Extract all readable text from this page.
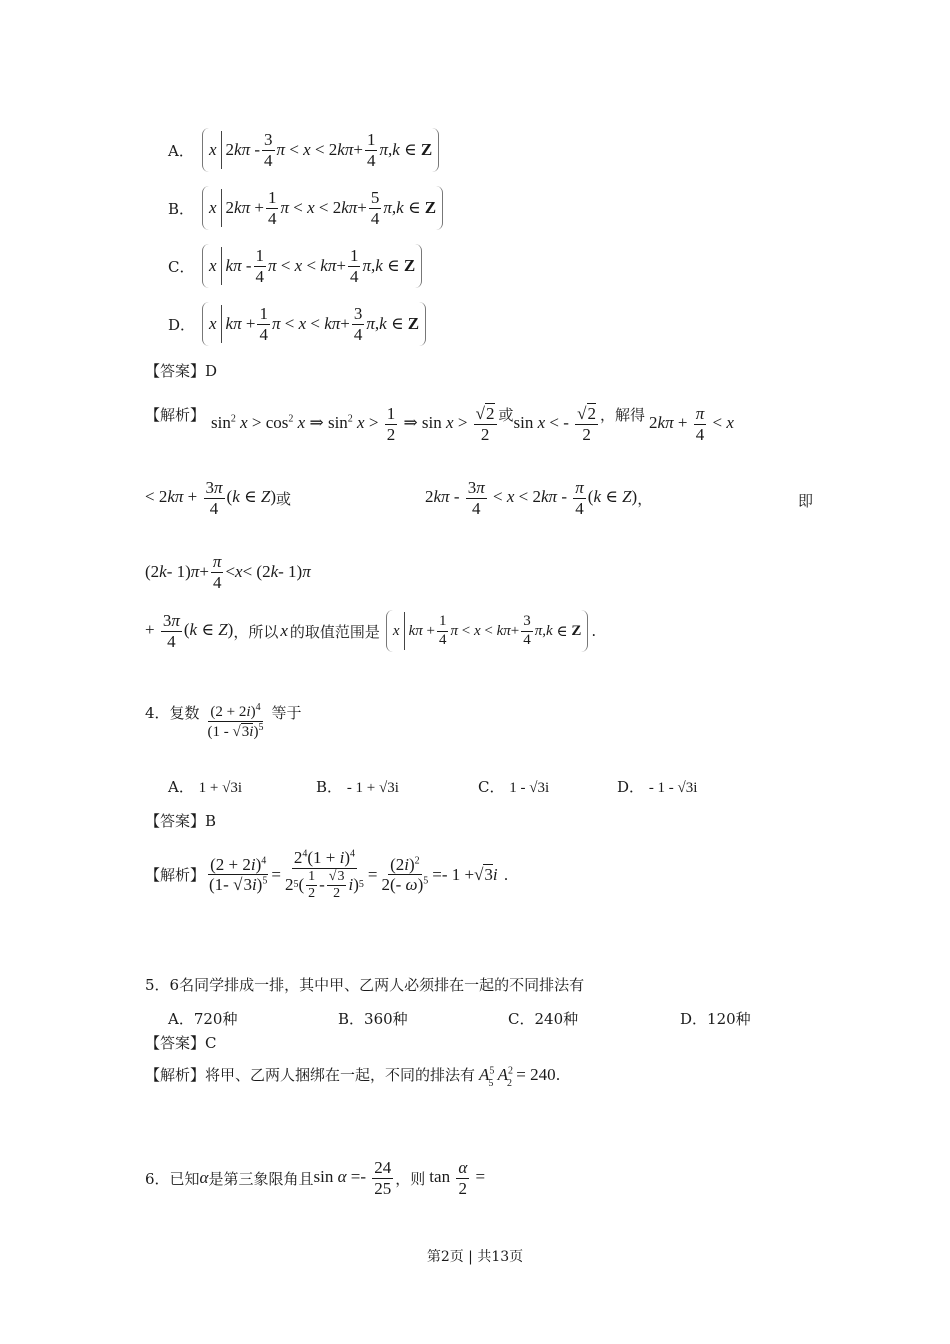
A． x $2k\pi - \frac{3}{4}$ π < x < 2 $k\pi + \frac{1}{4}$ π , k ∈ Z
B． x $2k\pi + \frac{1}{4}$ π < x < 2 $k\pi + \frac{5}{4}$ π , k ∈ Z
C． x kπ - $\frac{1}{4}$ $\pi < x < k\pi + \frac{1}{4}$ π , k ∈ Z
D． x $k\pi + \frac{1}{4}$ $\pi < x < k\pi + \frac{3}{4}$ π , k ∈ Z
【答案】D
【解析】 $\sin^2 x > \cos^2 x$ ⇒ $\sin^2 x > \frac{1}{2}$ ⇒ $\sin x > \frac{√2}{2}$ 或 sin x < - $\frac{√2}{2}$ ，解得 $2k\pi + \frac{\pi}{4} < x$
< $2k\pi + \frac{3\pi}{4} (k$ ∈ Z) 或	$2k\pi - \frac{3\pi}{4} < x < 2k\pi - \frac{\pi}{4} (k$ ∈ Z) ，	即
(2 k - 1) $\pi + \frac{\pi}{4} < x < (2$ k - 1) π
+ $\frac{3\pi}{4} (k$ ∈ Z) ，所以 x 的取值范围是 x $k\pi + \frac{1}{4}$ $\pi < x < k\pi + \frac{3}{4}$ π , k ∈ Z .
4．复数 $\frac{(2 + 2i)^4}{(1 - √3i)^5}$ 等于
A． 1 + √3i	B． - 1 + √3i	C． 1 - √3i	D． - 1 - √3i
【答案】B
【解析】 $\frac{(2 + 2i)^4}{(1- √3i)^5} = \frac{2^4(1 + i)^4}{2 5 ( \frac{1}{2} - \frac{√3}{2} i ) 5} = \frac{(2i)^2}{2(- \omega)^5} =- 1$ + √ 3 i .
5．6名同学排成一排，其中甲、乙两人必须排在一起的不同排法有
A．720种	B．360种	C．240种	D．120种
【答案】C
【解析】将甲、乙两人捆绑在一起，不同的排法有 $A^5_5$ $A^2_2 = 240$ .
6．已知 α 是第三象限角且 $\sin \alpha =- \frac{24}{25}$ ，则 $\tan \frac{\alpha}{2}$ =
第2页 | 共13页
